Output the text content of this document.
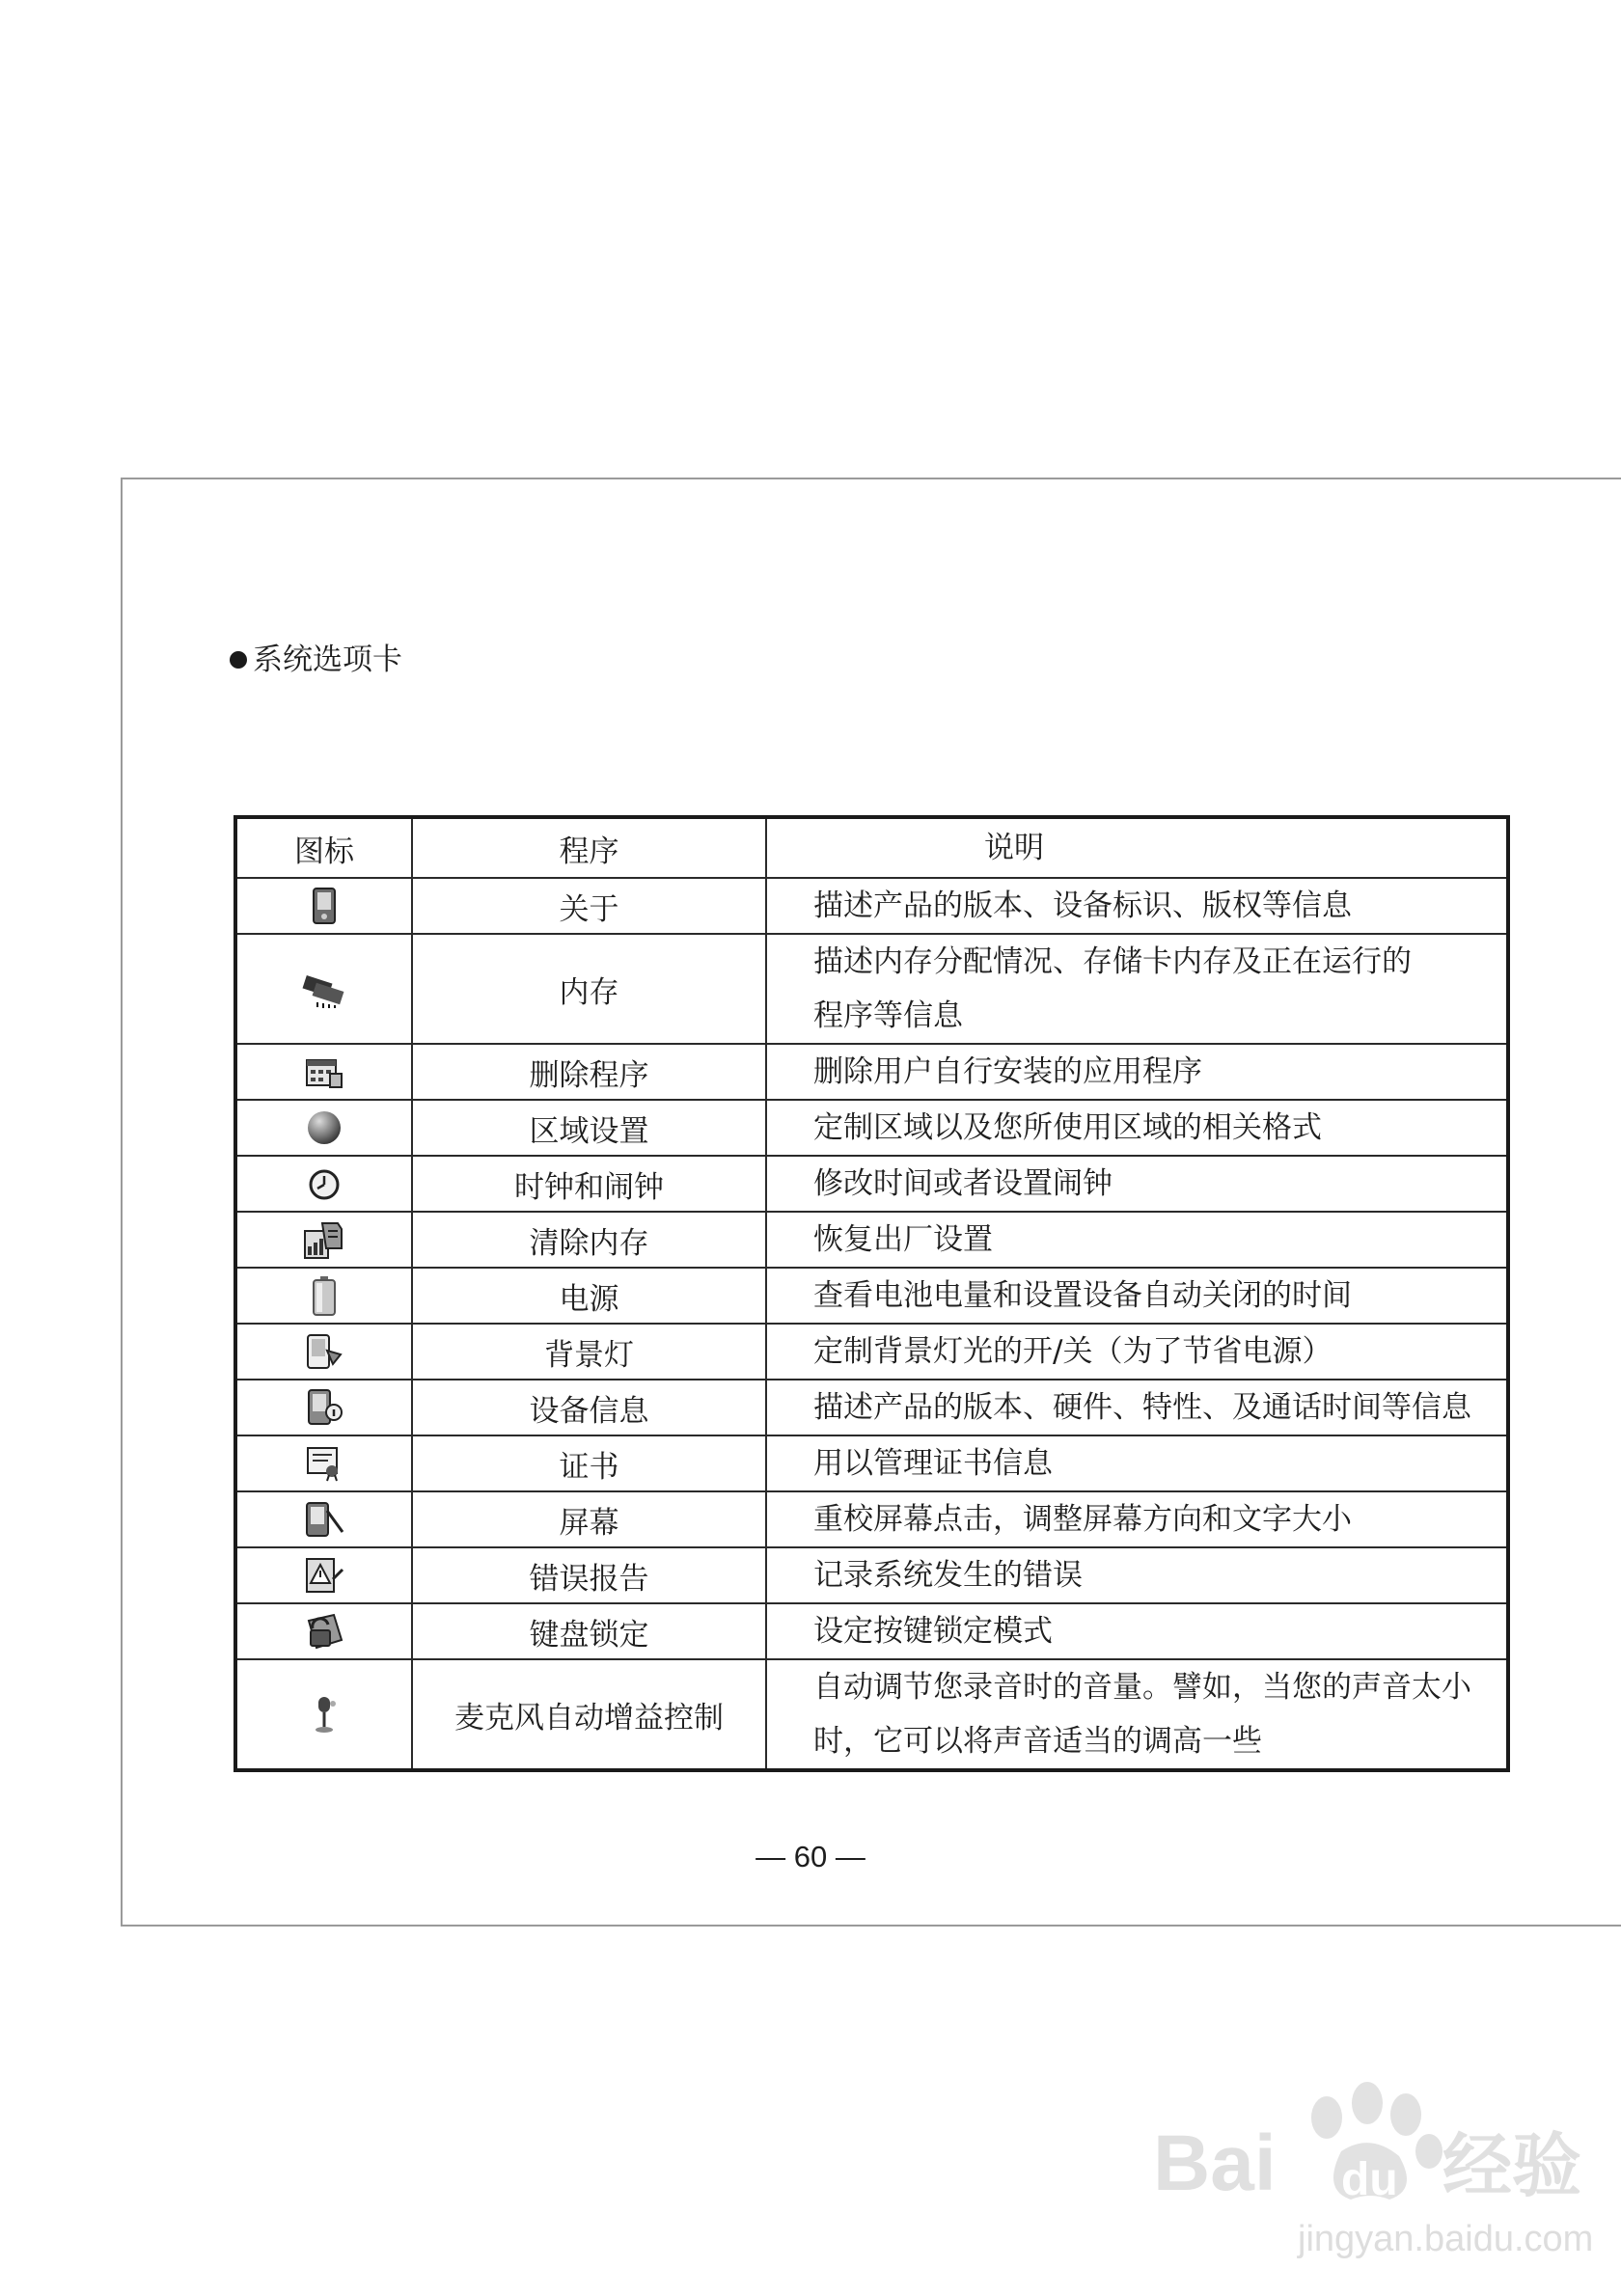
系统选项卡
图标	程序	说明
	关于	描述产品的版本、设备标识、版权等信息

	内存	描述内存分配情况、存储卡内存及正在运行的
程序等信息

	删除程序	删除用户自行安装的应用程序

	区域设置	定制区域以及您所使用区域的相关格式

	时钟和闹钟	修改时间或者设置闹钟

	清除内存	恢复出厂设置

	电源	查看电池电量和设置设备自动关闭的时间

	背景灯	定制背景灯光的开/关（为了节省电源）

	设备信息	描述产品的版本、硬件、特性、及通话时间等信息

	证书	用以管理证书信息

	屏幕	重校屏幕点击，调整屏幕方向和文字大小

	错误报告	记录系统发生的错误

	键盘锁定	设定按键锁定模式

	麦克风自动增益控制	自动调节您录音时的音量。譬如，当您的声音太小
时，它可以将声音适当的调高一些
— 60 —
Bai du 经验
jingyan.baidu.com
